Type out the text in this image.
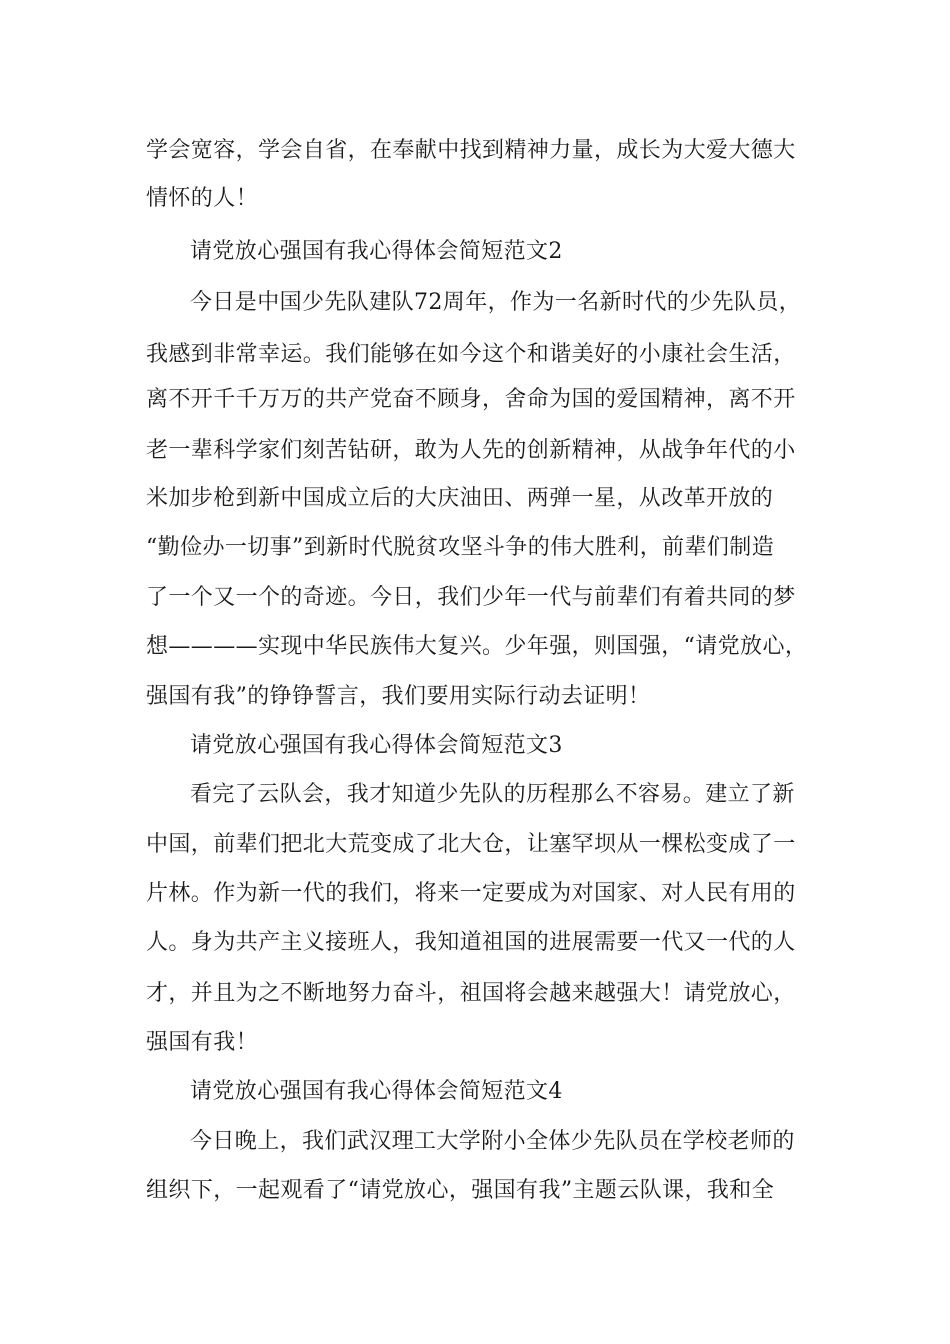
学会宽容，学会自省，在奉献中找到精神力量，成长为大爱大德大
情怀的人！
请党放心强国有我心得体会简短范文2
今日是中国少先队建队72周年，作为一名新时代的少先队员，
我感到非常幸运。我们能够在如今这个和谐美好的小康社会生活，
离不开千千万万的共产党奋不顾身，舍命为国的爱国精神，离不开
老一辈科学家们刻苦钻研，敢为人先的创新精神，从战争年代的小
米加步枪到新中国成立后的大庆油田、两弹一星，从改革开放的
“勤俭办一切事”到新时代脱贫攻坚斗争的伟大胜利，前辈们制造
了一个又一个的奇迹。今日，我们少年一代与前辈们有着共同的梦
想————实现中华民族伟大复兴。少年强，则国强，“请党放心，
强国有我”的铮铮誓言，我们要用实际行动去证明！
请党放心强国有我心得体会简短范文3
看完了云队会，我才知道少先队的历程那么不容易。建立了新
中国，前辈们把北大荒变成了北大仓，让塞罕坝从一棵松变成了一
片林。作为新一代的我们，将来一定要成为对国家、对人民有用的
人。身为共产主义接班人，我知道祖国的进展需要一代又一代的人
才，并且为之不断地努力奋斗，祖国将会越来越强大！请党放心，
强国有我！
请党放心强国有我心得体会简短范文4
今日晚上，我们武汉理工大学附小全体少先队员在学校老师的
组织下，一起观看了“请党放心，强国有我”主题云队课，我和全
